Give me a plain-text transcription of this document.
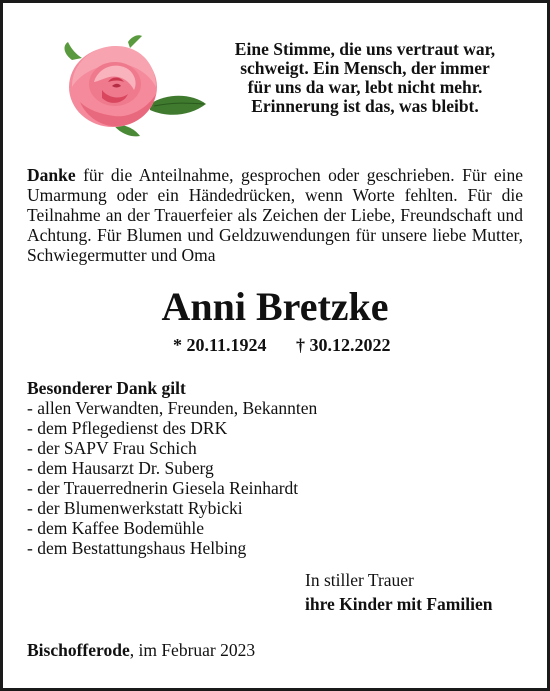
Eine Stimme, die uns vertraut war,
schweigt. Ein Mensch, der immer
für uns da war, lebt nicht mehr.
Erinnerung ist das, was bleibt.
Danke für die Anteilnahme, gesprochen oder geschrieben. Für eine Umarmung oder ein Händedrücken, wenn Worte fehlten. Für die Teilnahme an der Trauerfeier als Zeichen der Liebe, Freundschaft und Achtung. Für Blumen und Geldzuwendungen für unsere liebe Mutter, Schwiegermutter und Oma
Anni Bretzke
* 20.11.1924 † 30.12.2022
Besonderer Dank gilt
- allen Verwandten, Freunden, Bekannten
- dem Pflegedienst des DRK
- der SAPV Frau Schich
- dem Hausarzt Dr. Suberg
- der Trauerrednerin Giesela Reinhardt
- der Blumenwerkstatt Rybicki
- dem Kaffee Bodemühle
- dem Bestattungshaus Helbing
In stiller Trauer
ihre Kinder mit Familien
Bischofferode, im Februar 2023
